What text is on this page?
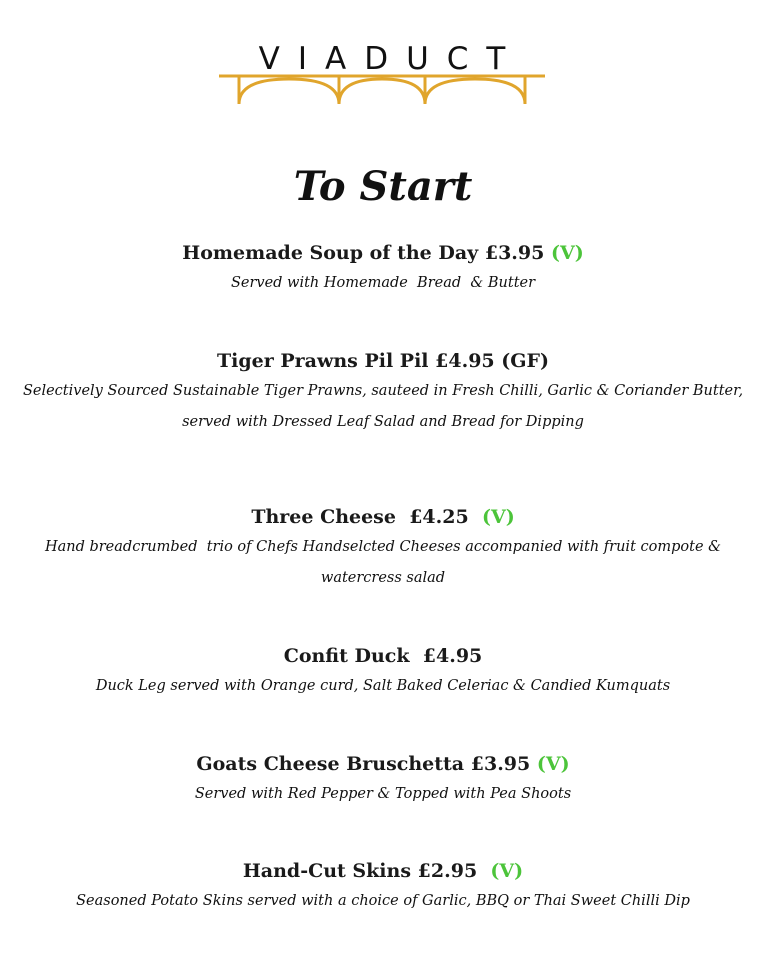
VIADUCT
To Start
Homemade Soup of the Day £3.95 (V)
Served with Homemade  Bread  & Butter
Tiger Prawns Pil Pil £4.95 (GF)
Selectively Sourced Sustainable Tiger Prawns, sauteed in Fresh Chilli, Garlic & Coriander Butter,
served with Dressed Leaf Salad and Bread for Dipping
Three Cheese  £4.25  (V)
Hand breadcrumbed  trio of Chefs Handselcted Cheeses accompanied with fruit compote &
watercress salad
Confit Duck  £4.95
Duck Leg served with Orange curd, Salt Baked Celeriac & Candied Kumquats
Goats Cheese Bruschetta £3.95 (V)
Served with Red Pepper & Topped with Pea Shoots
Hand-Cut Skins £2.95  (V)
Seasoned Potato Skins served with a choice of Garlic, BBQ or Thai Sweet Chilli Dip
